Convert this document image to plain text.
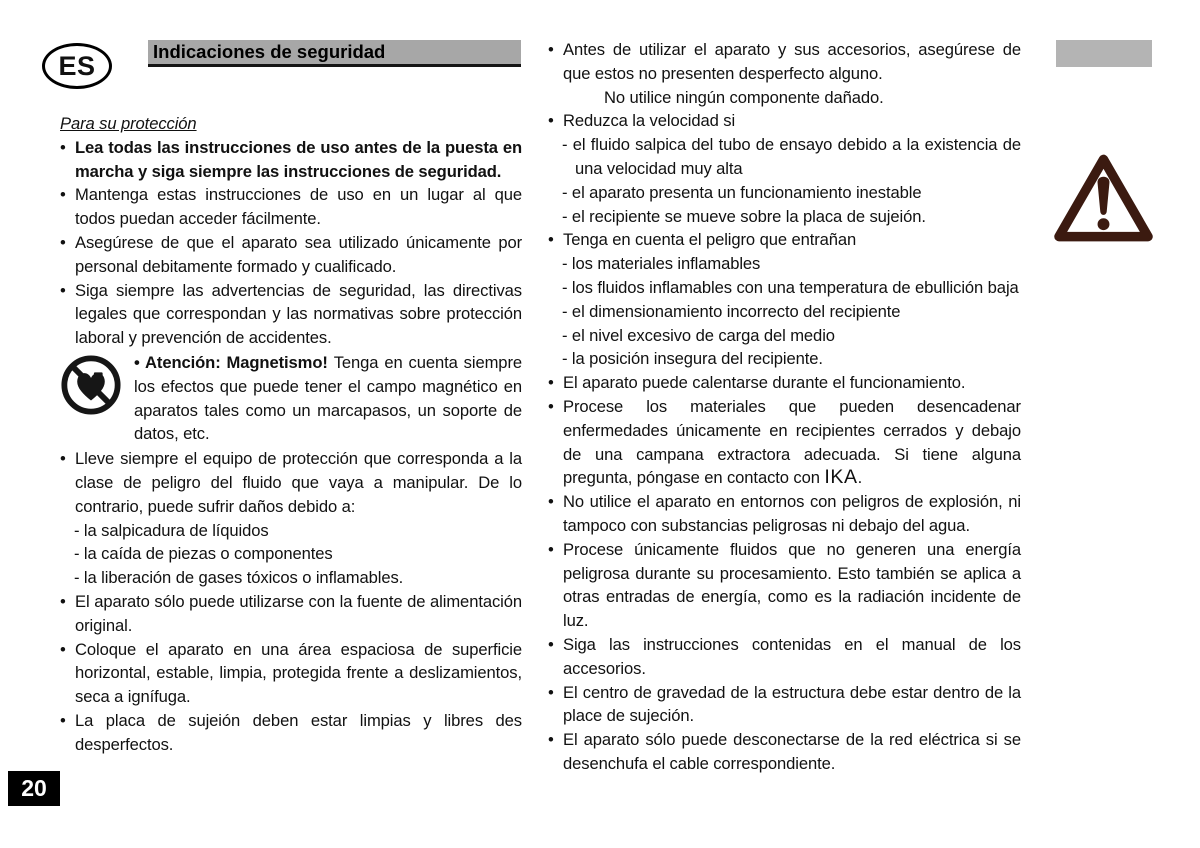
ES	Indicaciones de seguridad
Para su protección
• Lea todas las instrucciones de uso antes de la puesta en marcha y siga siempre las instrucciones de seguridad.
• Mantenga estas instrucciones de uso en un lugar al que todos puedan acceder fácilmente.
• Asegúrese de que el aparato sea utilizado únicamente por personal debitamente formado y cualificado.
• Siga siempre las advertencias de seguridad, las directivas legales que correspondan y las normativas sobre protección laboral y prevención de accidentes.
• Atención: Magnetismo! Tenga en cuenta siempre los efectos que puede tener el campo magnético en aparatos tales como un marcapasos, un soporte de datos, etc.
• Lleve siempre el equipo de protección que corresponda a la clase de peligro del fluido que vaya a manipular. De lo contrario, puede sufrir daños debido a:
- la salpicadura de líquidos
- la caída de piezas o componentes
- la liberación de gases tóxicos o inflamables.
• El aparato sólo puede utilizarse con la fuente de alimentación original.
• Coloque el aparato en una área espaciosa de superficie horizontal, estable, limpia, protegida frente a deslizamientos, seca a ignífuga.
• La placa de sujeión deben estar limpias y libres des desperfectos.
• Antes de utilizar el aparato y sus accesorios, asegúrese de que estos no presenten desperfecto alguno.
No utilice ningún componente dañado.
• Reduzca la velocidad si
- el fluido salpica del tubo de ensayo debido a la existencia de una velocidad muy alta
- el aparato presenta un funcionamiento inestable
- el recipiente se mueve sobre la placa de sujeión.
• Tenga en cuenta el peligro que entrañan
- los materiales inflamables
- los fluidos inflamables con una temperatura de ebullición baja
- el dimensionamiento incorrecto del recipiente
- el nivel excesivo de carga del medio
- la posición insegura del recipiente.
• El aparato puede calentarse durante el funcionamiento.
• Procese los materiales que pueden desencadenar enfermedades únicamente en recipientes cerrados y debajo de una campana extractora adecuada. Si tiene alguna pregunta, póngase en contacto con IKA.
• No utilice el aparato en entornos con peligros de explosión, ni tampoco con substancias peligrosas ni debajo del agua.
• Procese únicamente fluidos que no generen una energía peligrosa durante su procesamiento. Esto también se aplica a otras entradas de energía, como es la radiación incidente de luz.
• Siga las instrucciones contenidas en el manual de los accesorios.
• El centro de gravedad de la estructura debe estar dentro de la place de sujeción.
• El aparato sólo puede desconectarse de la red eléctrica si se desenchufa el cable correspondiente.
20
